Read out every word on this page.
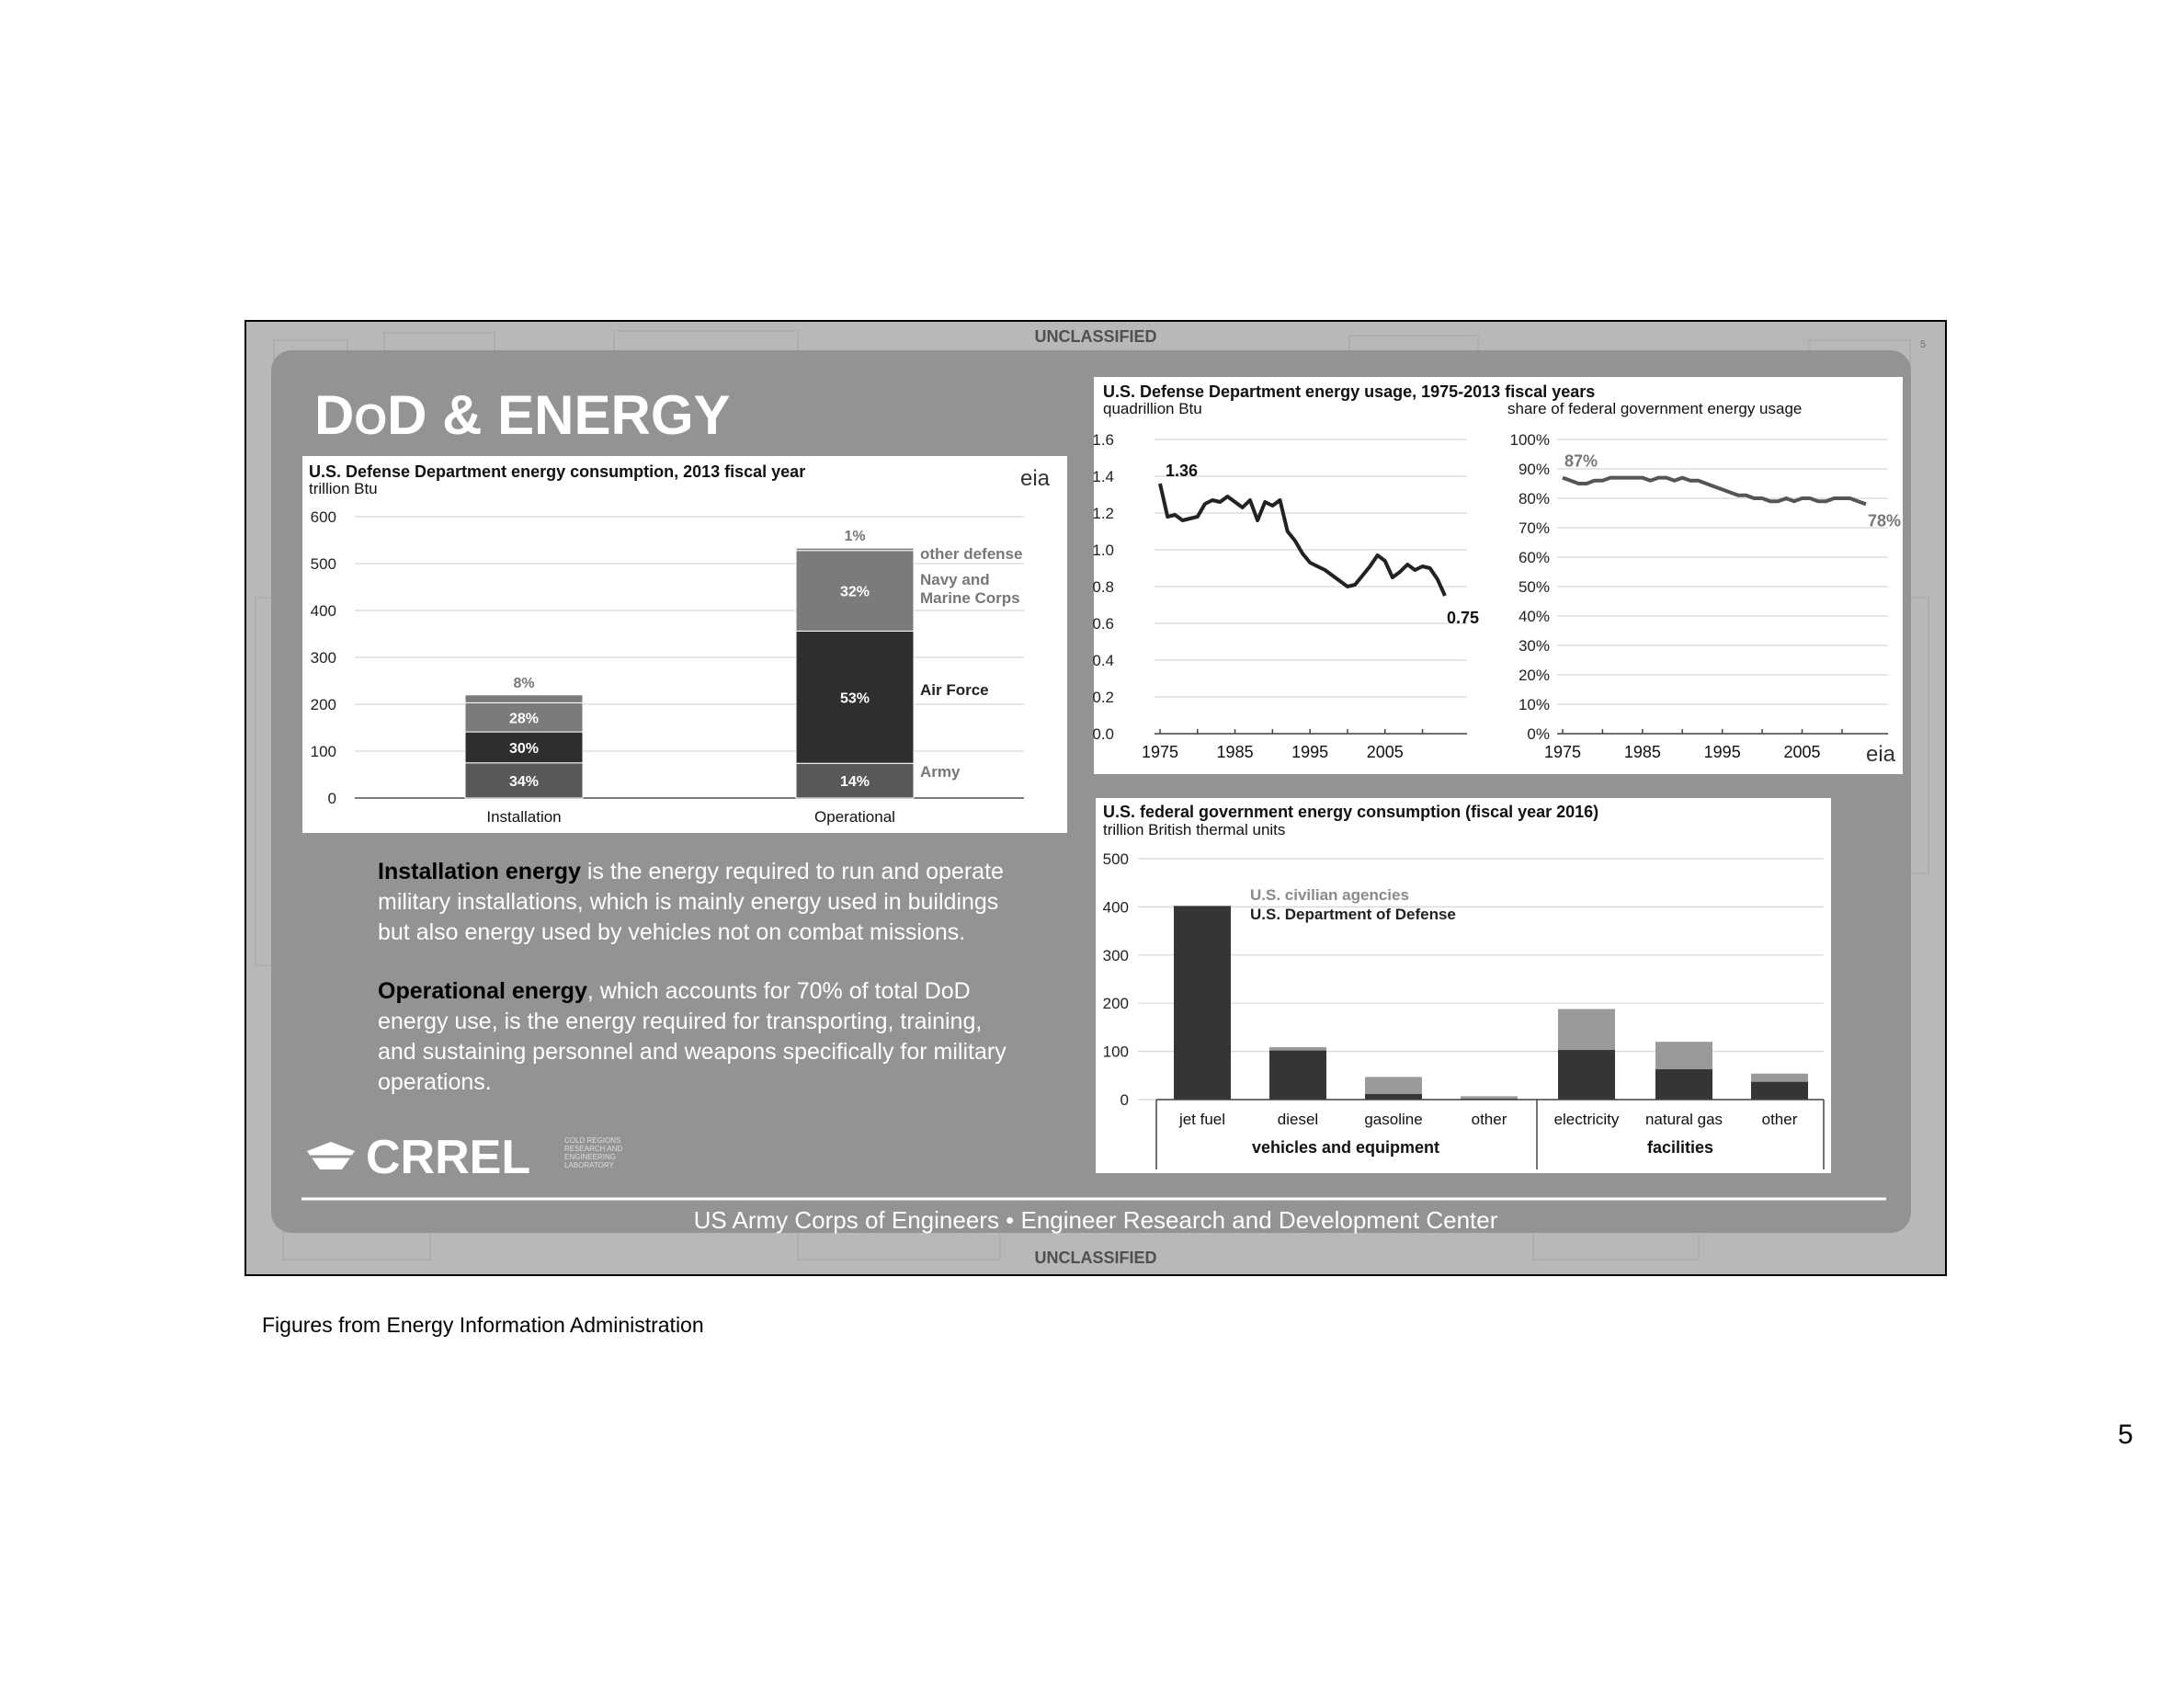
UNCLASSIFIED
UNCLASSIFIED
5
DOD & ENERGY
US Army Corps of Engineers • Engineer Research and Development Center
Installation energy is the energy required to run and operate
military installations, which is mainly energy used in buildings
but also energy used by vehicles not on combat missions.
Operational energy, which accounts for 70% of total DoD
energy use, is the energy required for transporting, training,
and sustaining personnel and weapons specifically for military
operations.
CRREL	COLD REGIONS
RESEARCH AND
ENGINEERING
LABORATORY
U.S. Defense Department energy consumption, 2013 fiscal year
trillion Btu	eia
0
100
200
300
400
500
600
34%
30%
28%
8%
Installation
14%
53%
32%
1%
Operational
other defense
Navy and
Marine Corps
Air Force
Army
U.S. Defense Department energy usage, 1975-2013 fiscal years
eia
quadrillion Btu
0.0
0.2
0.4
0.6
0.8
1.0
1.2
1.4
1.6
1975 1985 1995 2005
1.36
0.75
share of federal government energy usage
0%
10%
20%
30%
40%
50%
60%
70%
80%
90%
100%
1975	1985	1995	2005
87%
78%
U.S. federal government energy consumption (fiscal year 2016)
trillion British thermal units
0
100
200
300
400
500
jet fuel	diesel	gasoline	other	electricity natural gas	other
vehicles and equipment	facilities
U.S. civilian agencies
U.S. Department of Defense
Figures from Energy Information Administration
5
